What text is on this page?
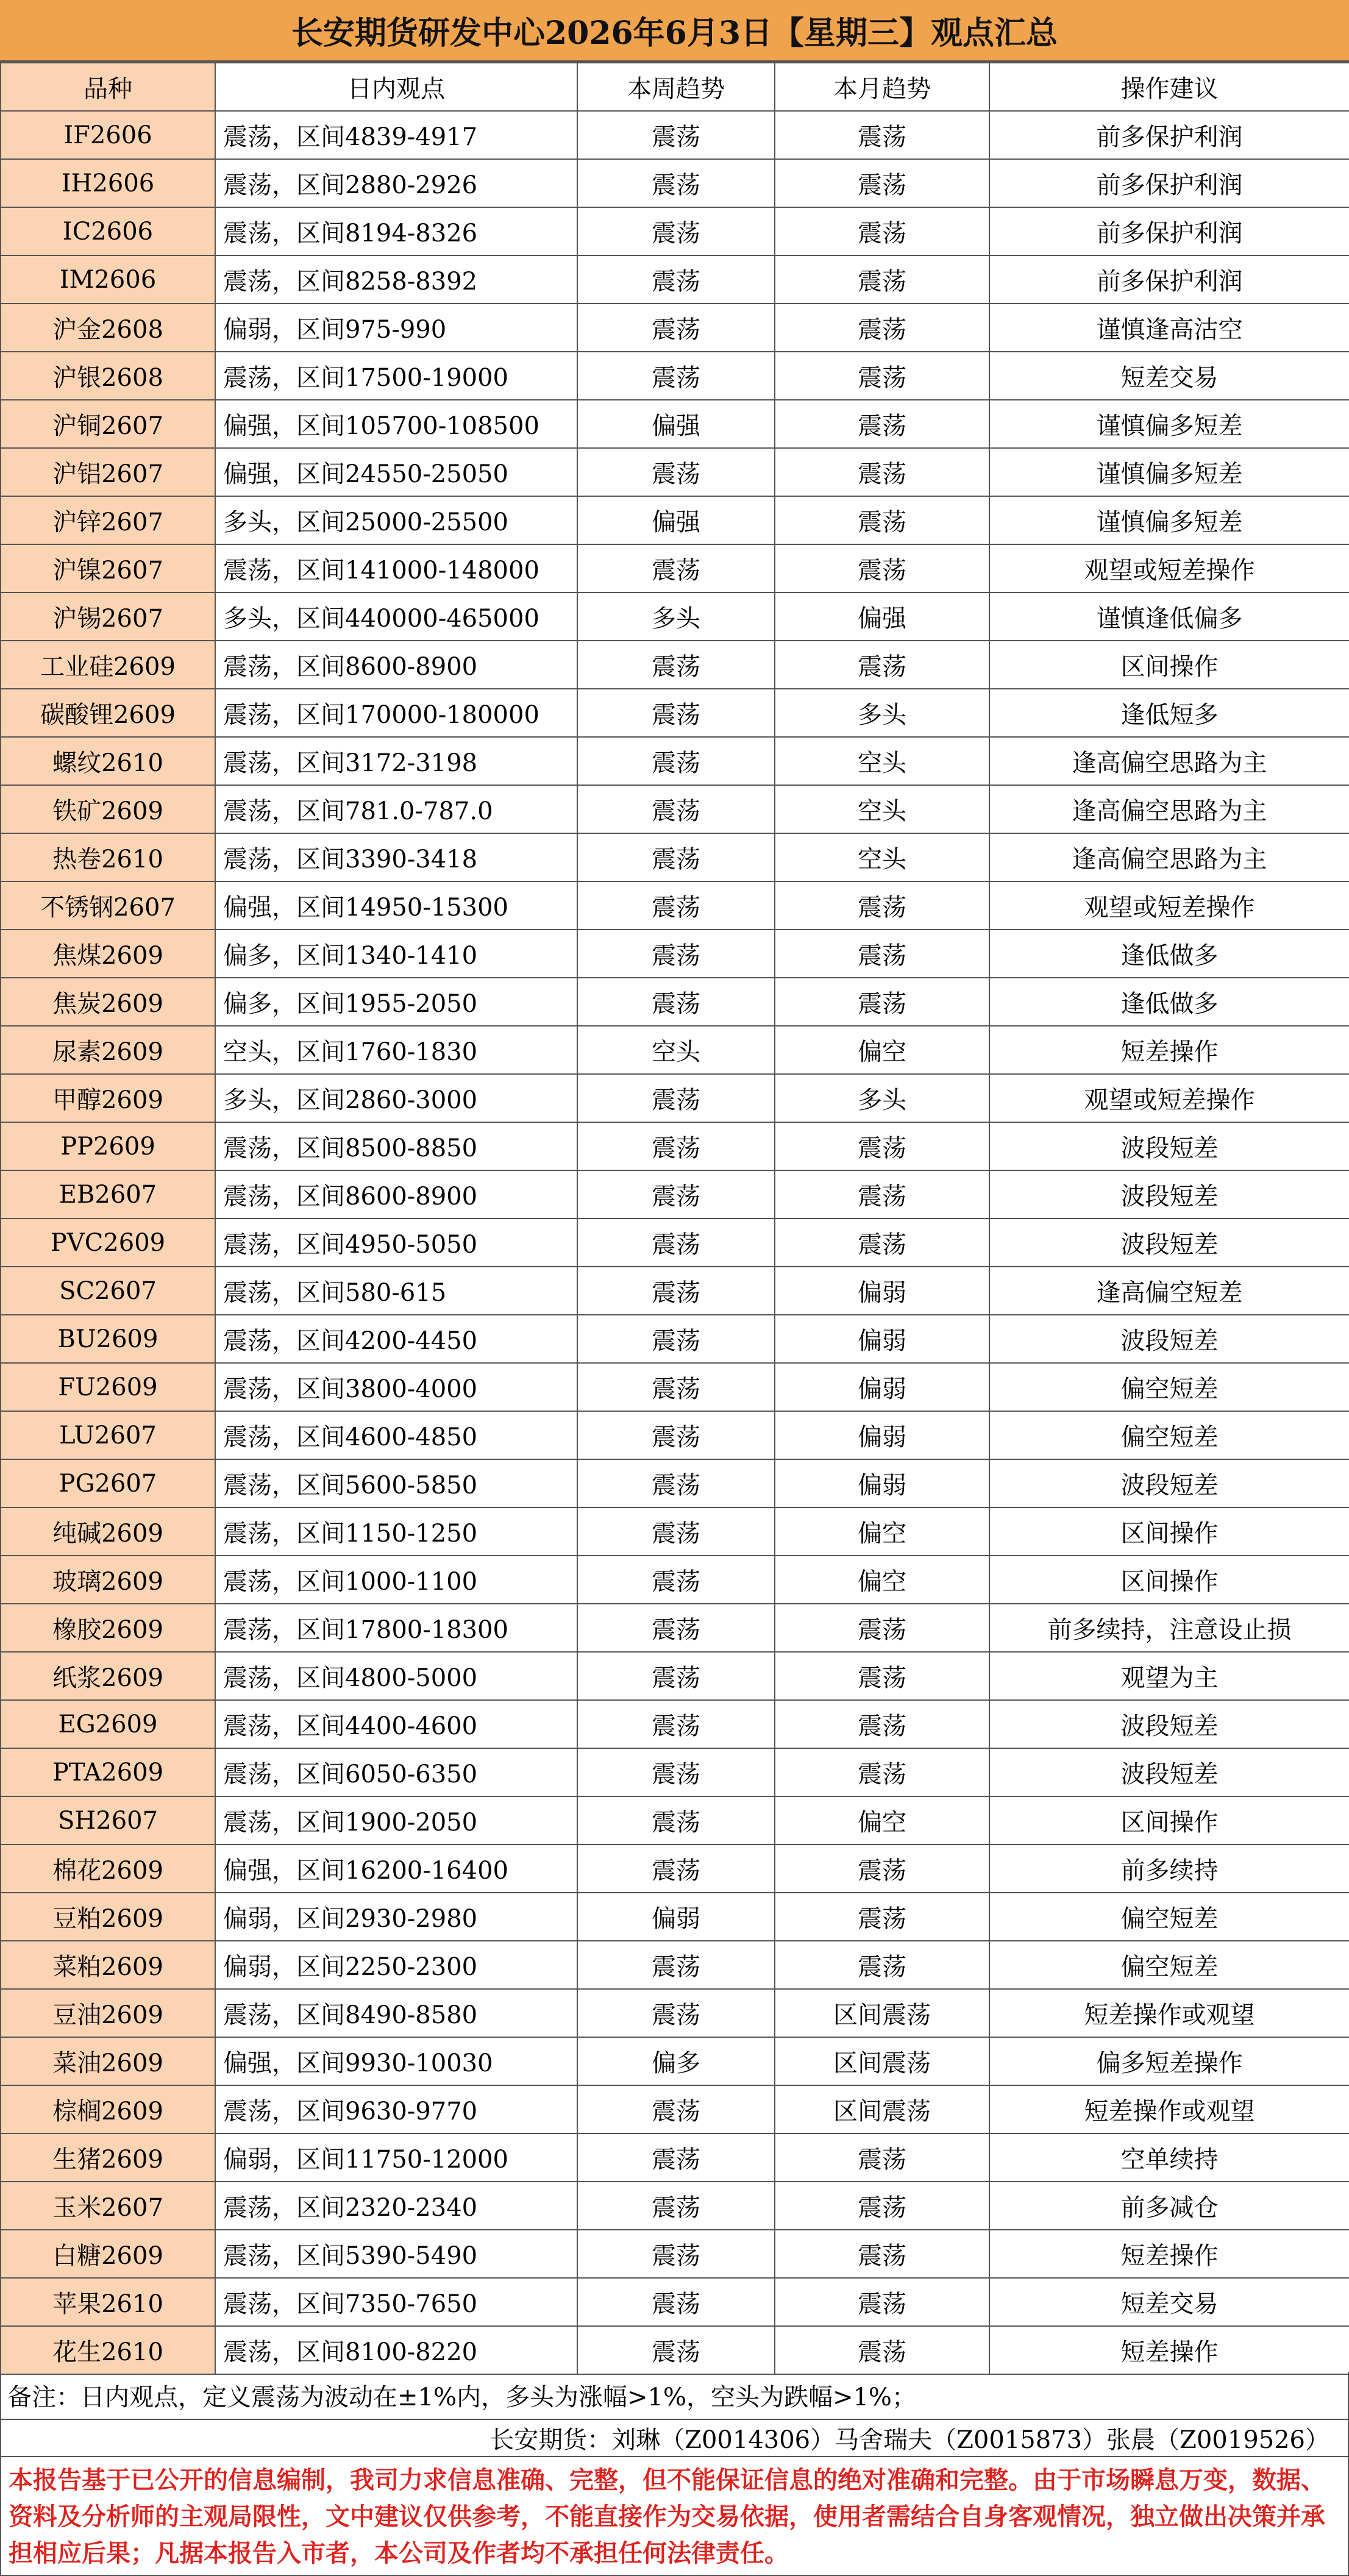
长安期货研发中心2026年6月3日【星期三】观点汇总
品种	日内观点	本周趋势	本月趋势	操作建议
IF2606	震荡，区间4839-4917	震荡	震荡	前多保护利润
IH2606	震荡，区间2880-2926	震荡	震荡	前多保护利润
IC2606	震荡，区间8194-8326	震荡	震荡	前多保护利润
IM2606	震荡，区间8258-8392	震荡	震荡	前多保护利润
沪金2608	偏弱，区间975-990	震荡	震荡	谨慎逢高沽空
沪银2608	震荡，区间17500-19000	震荡	震荡	短差交易
沪铜2607	偏强，区间105700-108500	偏强	震荡	谨慎偏多短差
沪铝2607	偏强，区间24550-25050	震荡	震荡	谨慎偏多短差
沪锌2607	多头，区间25000-25500	偏强	震荡	谨慎偏多短差
沪镍2607	震荡，区间141000-148000	震荡	震荡	观望或短差操作
沪锡2607	多头，区间440000-465000	多头	偏强	谨慎逢低偏多
工业硅2609	震荡，区间8600-8900	震荡	震荡	区间操作
碳酸锂2609	震荡，区间170000-180000	震荡	多头	逢低短多
螺纹2610	震荡，区间3172-3198	震荡	空头	逢高偏空思路为主
铁矿2609	震荡，区间781.0-787.0	震荡	空头	逢高偏空思路为主
热卷2610	震荡，区间3390-3418	震荡	空头	逢高偏空思路为主
不锈钢2607	偏强，区间14950-15300	震荡	震荡	观望或短差操作
焦煤2609	偏多，区间1340-1410	震荡	震荡	逢低做多
焦炭2609	偏多，区间1955-2050	震荡	震荡	逢低做多
尿素2609	空头，区间1760-1830	空头	偏空	短差操作
甲醇2609	多头，区间2860-3000	震荡	多头	观望或短差操作
PP2609	震荡，区间8500-8850	震荡	震荡	波段短差
EB2607	震荡，区间8600-8900	震荡	震荡	波段短差
PVC2609	震荡，区间4950-5050	震荡	震荡	波段短差
SC2607	震荡，区间580-615	震荡	偏弱	逢高偏空短差
BU2609	震荡，区间4200-4450	震荡	偏弱	波段短差
FU2609	震荡，区间3800-4000	震荡	偏弱	偏空短差
LU2607	震荡，区间4600-4850	震荡	偏弱	偏空短差
PG2607	震荡，区间5600-5850	震荡	偏弱	波段短差
纯碱2609	震荡，区间1150-1250	震荡	偏空	区间操作
玻璃2609	震荡，区间1000-1100	震荡	偏空	区间操作
橡胶2609	震荡，区间17800-18300	震荡	震荡	前多续持，注意设止损
纸浆2609	震荡，区间4800-5000	震荡	震荡	观望为主
EG2609	震荡，区间4400-4600	震荡	震荡	波段短差
PTA2609	震荡，区间6050-6350	震荡	震荡	波段短差
SH2607	震荡，区间1900-2050	震荡	偏空	区间操作
棉花2609	偏强，区间16200-16400	震荡	震荡	前多续持
豆粕2609	偏弱，区间2930-2980	偏弱	震荡	偏空短差
菜粕2609	偏弱，区间2250-2300	震荡	震荡	偏空短差
豆油2609	震荡，区间8490-8580	震荡	区间震荡	短差操作或观望
菜油2609	偏强，区间9930-10030	偏多	区间震荡	偏多短差操作
棕榈2609	震荡，区间9630-9770	震荡	区间震荡	短差操作或观望
生猪2609	偏弱，区间11750-12000	震荡	震荡	空单续持
玉米2607	震荡，区间2320-2340	震荡	震荡	前多减仓
白糖2609	震荡，区间5390-5490	震荡	震荡	短差操作
苹果2610	震荡，区间7350-7650	震荡	震荡	短差交易
花生2610	震荡，区间8100-8220	震荡	震荡	短差操作
备注：日内观点，定义震荡为波动在±1%内，多头为涨幅>1%，空头为跌幅>1%；
长安期货：刘琳（Z0014306）马舍瑞夫（Z0015873）张晨（Z0019526）
本报告基于已公开的信息编制，我司力求信息准确、完整，但不能保证信息的绝对准确和完整。由于市场瞬息万变，数据、资料及分析师的主观局限性，文中建议仅供参考，不能直接作为交易依据，使用者需结合自身客观情况，独立做出决策并承担相应后果；凡据本报告入市者，本公司及作者均不承担任何法律责任。
